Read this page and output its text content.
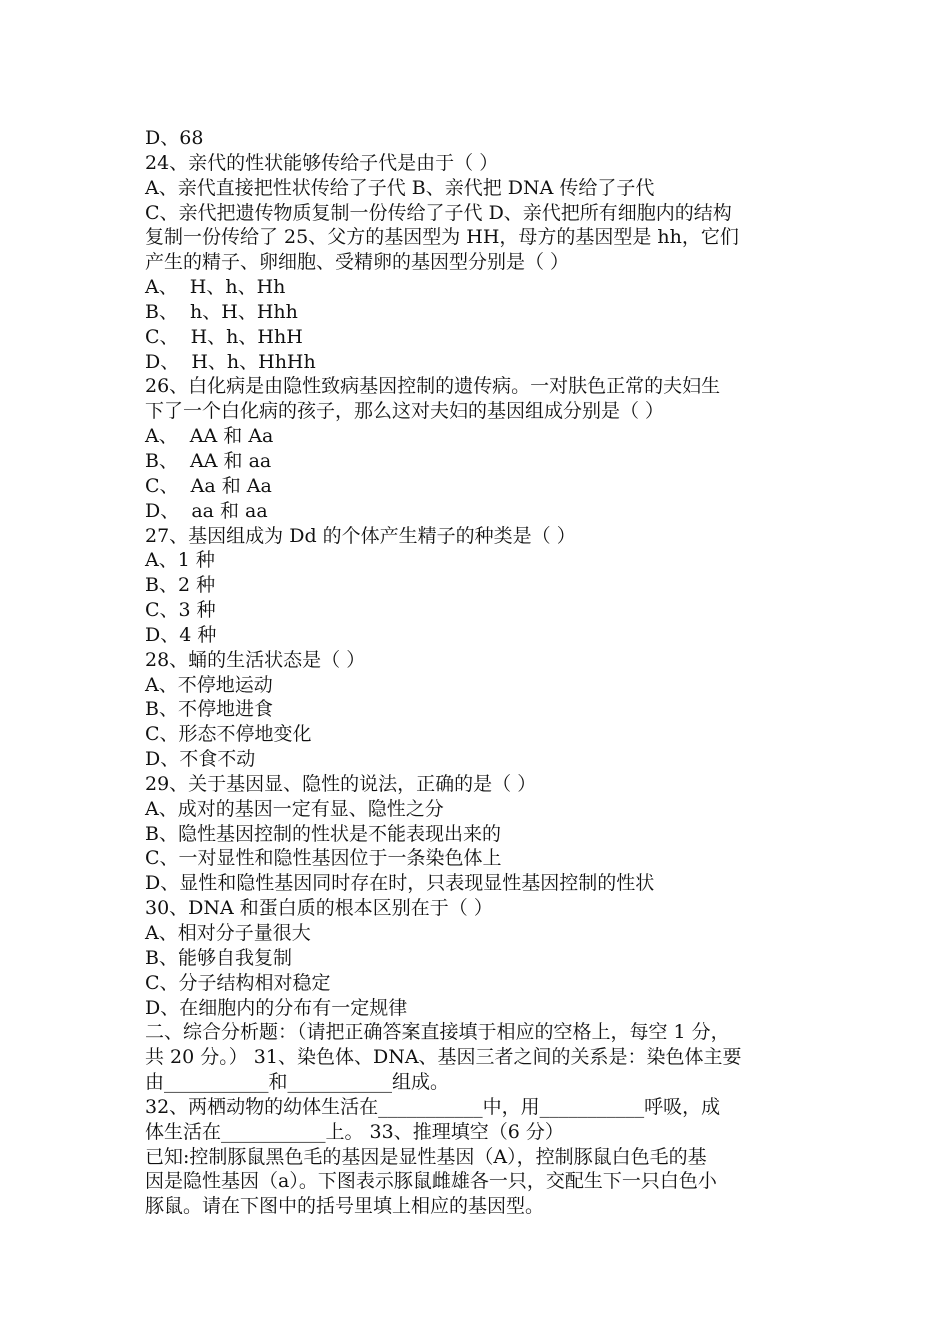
D、68
24、亲代的性状能够传给子代是由于（ ）
A、亲代直接把性状传给了子代 B、亲代把 DNA 传给了子代
C、亲代把遗传物质复制一份传给了子代 D、亲代把所有细胞内的结构
复制一份传给了 25、父方的基因型为 HH，母方的基因型是 hh，它们
产生的精子、卵细胞、受精卵的基因型分别是（ ）
A、  H、h、Hh
B、  h、H、Hhh
C、  H、h、HhH
D、  H、h、HhHh
26、白化病是由隐性致病基因控制的遗传病。一对肤色正常的夫妇生
下了一个白化病的孩子，那么这对夫妇的基因组成分别是（ ）
A、  AA 和 Aa
B、  AA 和 aa
C、  Aa 和 Aa
D、  aa 和 aa
27、基因组成为 Dd 的个体产生精子的种类是（ ）
A、1 种
B、2 种
C、3 种
D、4 种
28、蛹的生活状态是（ ）
A、不停地运动
B、不停地进食
C、形态不停地变化
D、不食不动
29、关于基因显、隐性的说法，正确的是（ ）
A、成对的基因一定有显、隐性之分
B、隐性基因控制的性状是不能表现出来的
C、一对显性和隐性基因位于一条染色体上
D、显性和隐性基因同时存在时，只表现显性基因控制的性状
30、DNA 和蛋白质的根本区别在于（ ）
A、相对分子量很大
B、能够自我复制
C、分子结构相对稳定
D、在细胞内的分布有一定规律
二、综合分析题：（请把正确答案直接填于相应的空格上，每空 1 分，
共 20 分。） 31、染色体、DNA、基因三者之间的关系是：染色体主要
由___________和___________组成。
32、两栖动物的幼体生活在___________中，用___________呼吸，成
体生活在___________上。 33、推理填空（6 分）
已知:控制豚鼠黑色毛的基因是显性基因（A），控制豚鼠白色毛的基
因是隐性基因（a）。下图表示豚鼠雌雄各一只，交配生下一只白色小
豚鼠。请在下图中的括号里填上相应的基因型。
